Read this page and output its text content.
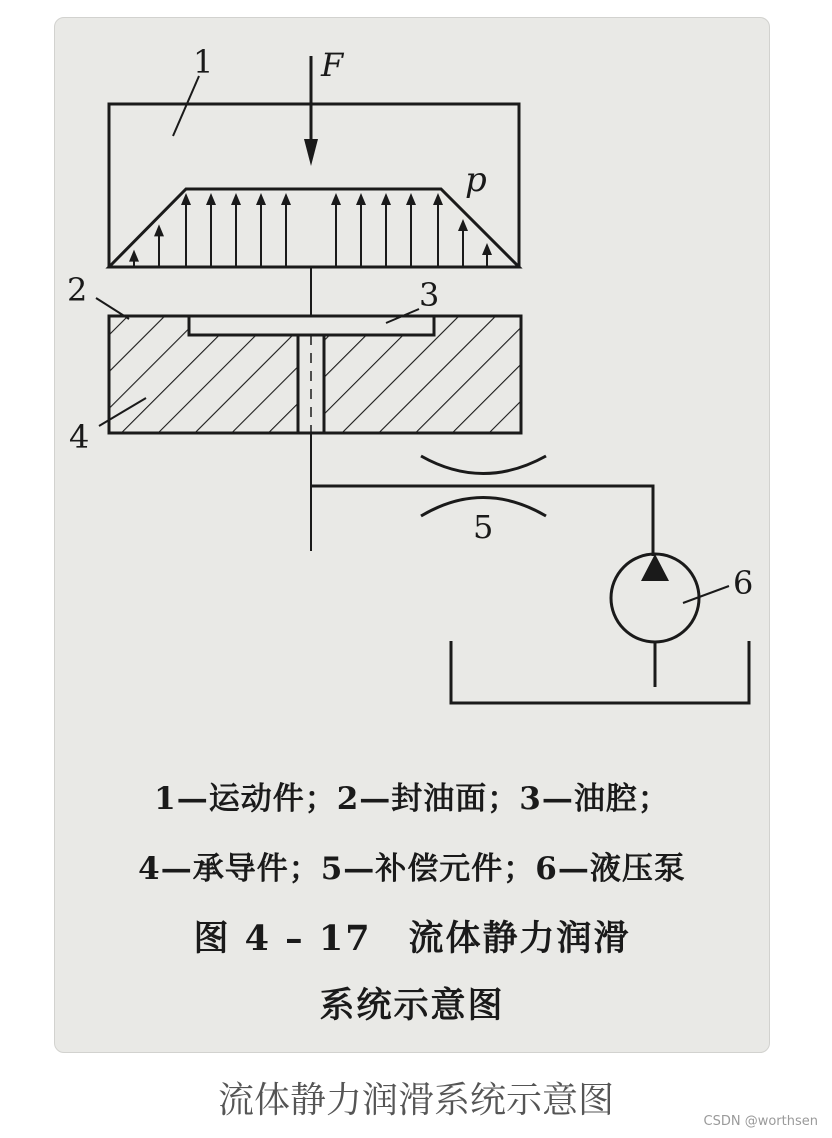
1	F
p
2	3
4
5
6
1—运动件；2—封油面；3—油腔；
4—承导件；5—补偿元件；6—液压泵
图 4 – 17　流体静力润滑
系统示意图
流体静力润滑系统示意图
CSDN @worthsen
